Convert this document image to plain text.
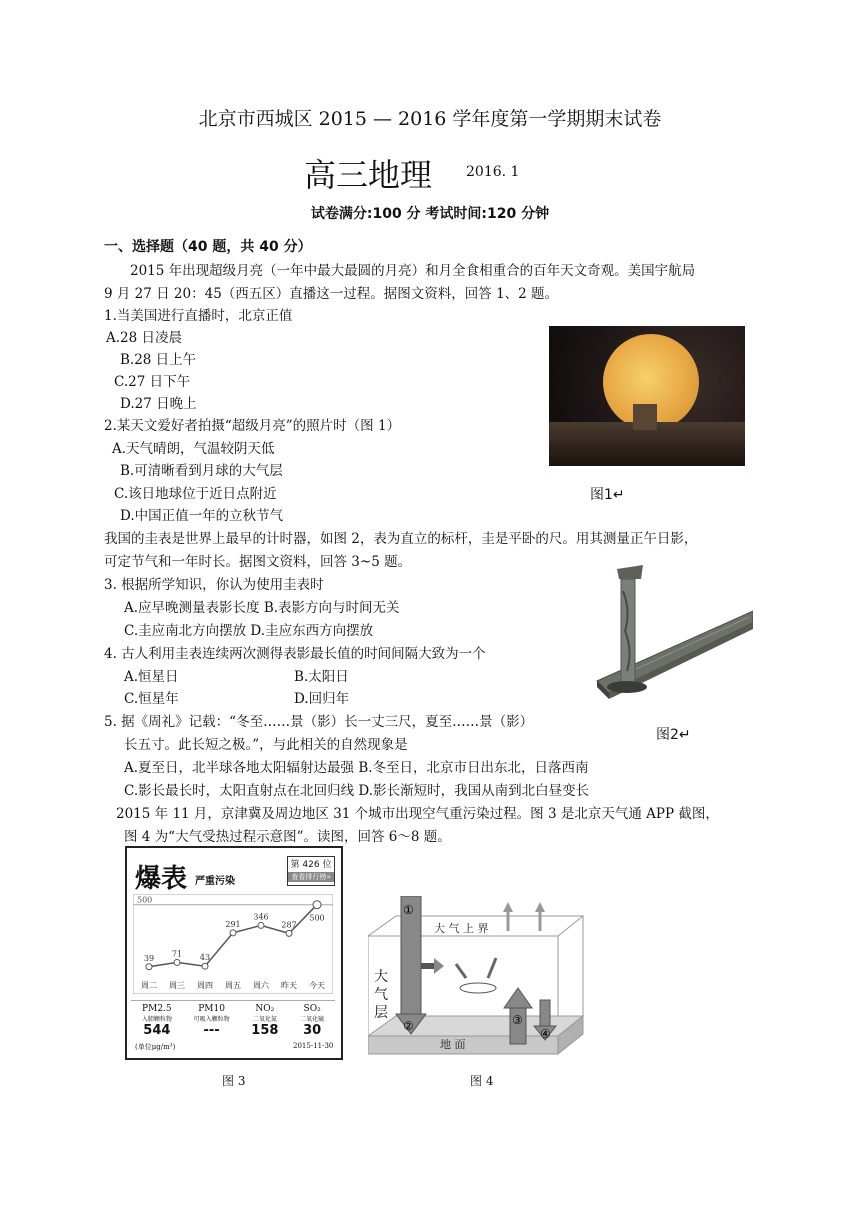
北京市西城区 2015 — 2016 学年度第一学期期末试卷
高三地理 2016. 1
试卷满分:100 分 考试时间:120 分钟
一、选择题（40 题，共 40 分）
2015 年出现超级月亮（一年中最大最圆的月亮）和月全食相重合的百年天文奇观。美国宇航局
9 月 27 日 20：45（西五区）直播这一过程。据图文资料，回答 1、2 题。
1.当美国进行直播时，北京正值
A.28 日凌晨
B.28 日上午
C.27 日下午
D.27 日晚上
图1↵
2.某天文爱好者拍摄“超级月亮”的照片时（图 1）
A.天气晴朗，气温较阴天低
B.可清晰看到月球的大气层
C.该日地球位于近日点附近
D.中国正值一年的立秋节气
我国的圭表是世界上最早的计时器，如图 2，表为直立的标杆，圭是平卧的尺。用其测量正午日影，
可定节气和一年时长。据图文资料，回答 3~5 题。
3. 根据所学知识，你认为使用圭表时
A.应早晚测量表影长度 B.表影方向与时间无关
C.圭应南北方向摆放 D.圭应东西方向摆放
4. 古人利用圭表连续两次测得表影最长值的时间间隔大致为一个
A.恒星日	B.太阳日
C.恒星年	D.回归年
图2↵
5. 据《周礼》记载：“冬至……景（影）长一丈三尺，夏至……景（影）
长五寸。此长短之极。”，与此相关的自然现象是
A.夏至日，北半球各地太阳辐射达最强 B.冬至日，北京市日出东北，日落西南
C.影长最长时，太阳直射点在北回归线 D.影长渐短时，我国从南到北白昼变长
2015 年 11 月，京津冀及周边地区 31 个城市出现空气重污染过程。图 3 是北京天气通 APP 截图，
图 4 为“大气受热过程示意图”。读图，回答 6～8 题。
爆表 严重污染
第 426 位
查看排行榜»
500
39
周二
71
周三
43
周四
291
周五
346
周六
287
昨天
500
今天
PM2.5
入肺颗粒物
544
PM10
可吸入颗粒物
---
NO₂
二氧化氮
158
SO₂
二氧化硫
30
(单位μg/m³)	2015-11-30
图 3
①
②	③
④
大 气 上 界
地 面
大气层
图 4
